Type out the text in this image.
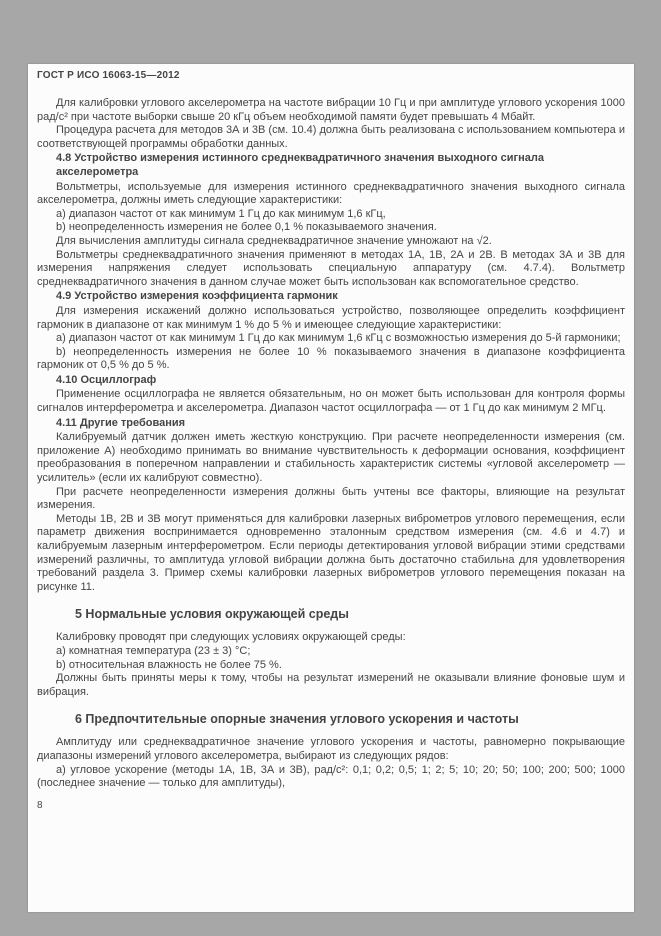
ГОСТ Р ИСО 16063-15—2012
Для калибровки углового акселерометра на частоте вибрации 10 Гц и при амплитуде углового ускорения 1000 рад/с² при частоте выборки свыше 20 кГц объем необходимой памяти будет превышать 4 Мбайт.
Процедура расчета для методов 3А и 3В (см. 10.4) должна быть реализована с использованием компьютера и соответствующей программы обработки данных.
4.8 Устройство измерения истинного среднеквадратичного значения выходного сигнала акселерометра
Вольтметры, используемые для измерения истинного среднеквадратичного значения выходного сигнала акселерометра, должны иметь следующие характеристики:
a) диапазон частот от как минимум 1 Гц до как минимум 1,6 кГц,
b) неопределенность измерения не более 0,1 % показываемого значения.
Для вычисления амплитуды сигнала среднеквадратичное значение умножают на √2.
Вольтметры среднеквадратичного значения применяют в методах 1А, 1В, 2А и 2В. В методах 3А и 3В для измерения напряжения следует использовать специальную аппаратуру (см. 4.7.4). Вольтметр среднеквадратичного значения в данном случае может быть использован как вспомогательное средство.
4.9 Устройство измерения коэффициента гармоник
Для измерения искажений должно использоваться устройство, позволяющее определить коэффициент гармоник в диапазоне от как минимум 1 % до 5 % и имеющее следующие характеристики:
a) диапазон частот от как минимум 1 Гц до как минимум 1,6 кГц с возможностью измерения до 5-й гармоники;
b) неопределенность измерения не более 10 % показываемого значения в диапазоне коэффициента гармоник от 0,5 % до 5 %.
4.10 Осциллограф
Применение осциллографа не является обязательным, но он может быть использован для контроля формы сигналов интерферометра и акселерометра. Диапазон частот осциллографа — от 1 Гц до как минимум 2 МГц.
4.11 Другие требования
Калибруемый датчик должен иметь жесткую конструкцию. При расчете неопределенности измерения (см. приложение А) необходимо принимать во внимание чувствительность к деформации основания, коэффициент преобразования в поперечном направлении и стабильность характеристик системы «угловой акселерометр — усилитель» (если их калибруют совместно).
При расчете неопределенности измерения должны быть учтены все факторы, влияющие на результат измерения.
Методы 1В, 2В и 3В могут применяться для калибровки лазерных виброметров углового перемещения, если параметр движения воспринимается одновременно эталонным средством измерения (см. 4.6 и 4.7) и калибруемым лазерным интерферометром. Если периоды детектирования угловой вибрации этими средствами измерений различны, то амплитуда угловой вибрации должна быть достаточно стабильна для удовлетворения требований раздела 3. Пример схемы калибровки лазерных виброметров углового перемещения показан на рисунке 11.
5 Нормальные условия окружающей среды
Калибровку проводят при следующих условиях окружающей среды:
a) комнатная температура (23 ± 3) °С;
b) относительная влажность не более 75 %.
Должны быть приняты меры к тому, чтобы на результат измерений не оказывали влияние фоновые шум и вибрация.
6 Предпочтительные опорные значения углового ускорения и частоты
Амплитуду или среднеквадратичное значение углового ускорения и частоты, равномерно покрывающие диапазоны измерений углового акселерометра, выбирают из следующих рядов:
a) угловое ускорение (методы 1А, 1В, 3А и 3В), рад/с²: 0,1; 0,2; 0,5; 1; 2; 5; 10; 20; 50; 100; 200; 500; 1000 (последнее значение — только для амплитуды),
8
